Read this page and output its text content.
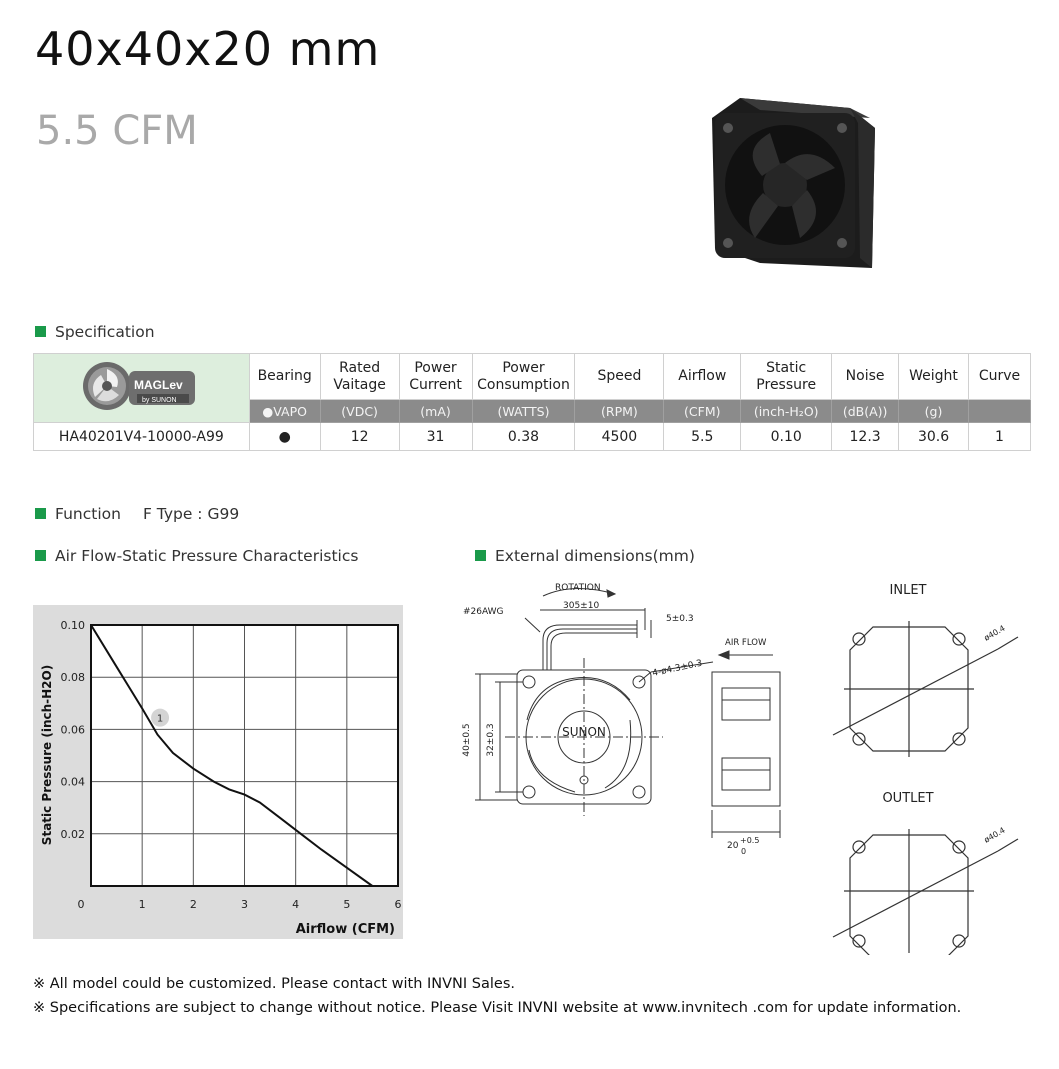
40x40x20 mm
5.5 CFM
Specification
MAGLev
by SUNON	Bearing	Rated Vaitage	Power Current	Power Consumption	Speed	Airflow	Static Pressure	Noise	Weight	Curve
	●VAPO	(VDC)	(mA)	(WATTS)	(RPM)	(CFM)	(inch-H₂O)	(dB(A))	(g)	
HA40201V4-10000-A99	●	12	31	0.38	4500	5.5	0.10	12.3	30.6	1
Function F Type : G99
Air Flow-Static Pressure Characteristics	External dimensions(mm)
0	1	2	3	4	5	6
0.02
0.04
0.06
0.08
0.10
1
Static Pressure (inch-H2O)
Airflow (CFM)
ROTATION
#26AWG
305±10
5±0.3
4-ø4.3±0.3
AIR FLOW
40±0.5 32±0.3	SUNON
20
+0.5
0
INLET
OUTLET
ø40.4
ø40.4
※ All model could be customized. Please contact with INVNI Sales.
※ Specifications are subject to change without notice. Please Visit INVNI website at www.invnitech .com for update information.
